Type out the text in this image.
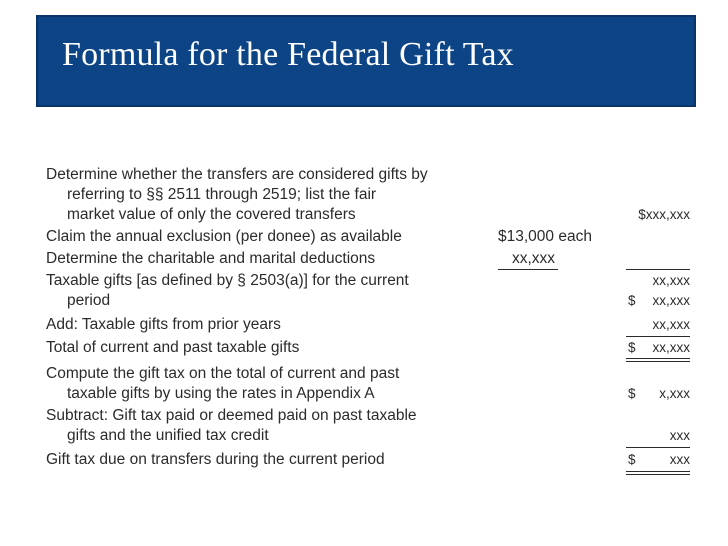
Formula for the Federal Gift Tax
Determine whether the transfers are considered gifts by
referring to §§ 2511 through 2519; list the fair
market value of only the covered transfers	$xxx,xxx
Claim the annual exclusion (per donee) as available	$13,000 each
Determine the charitable and marital deductions	xx,xxx
Taxable gifts [as defined by § 2503(a)] for the current	xx,xxx
period	$ xx,xxx
Add: Taxable gifts from prior years	xx,xxx
Total of current and past taxable gifts	$ xx,xxx
Compute the gift tax on the total of current and past
taxable gifts by using the rates in Appendix A	$ x,xxx
Subtract: Gift tax paid or deemed paid on past taxable
gifts and the unified tax credit	xxx
Gift tax due on transfers during the current period	$	xxx
